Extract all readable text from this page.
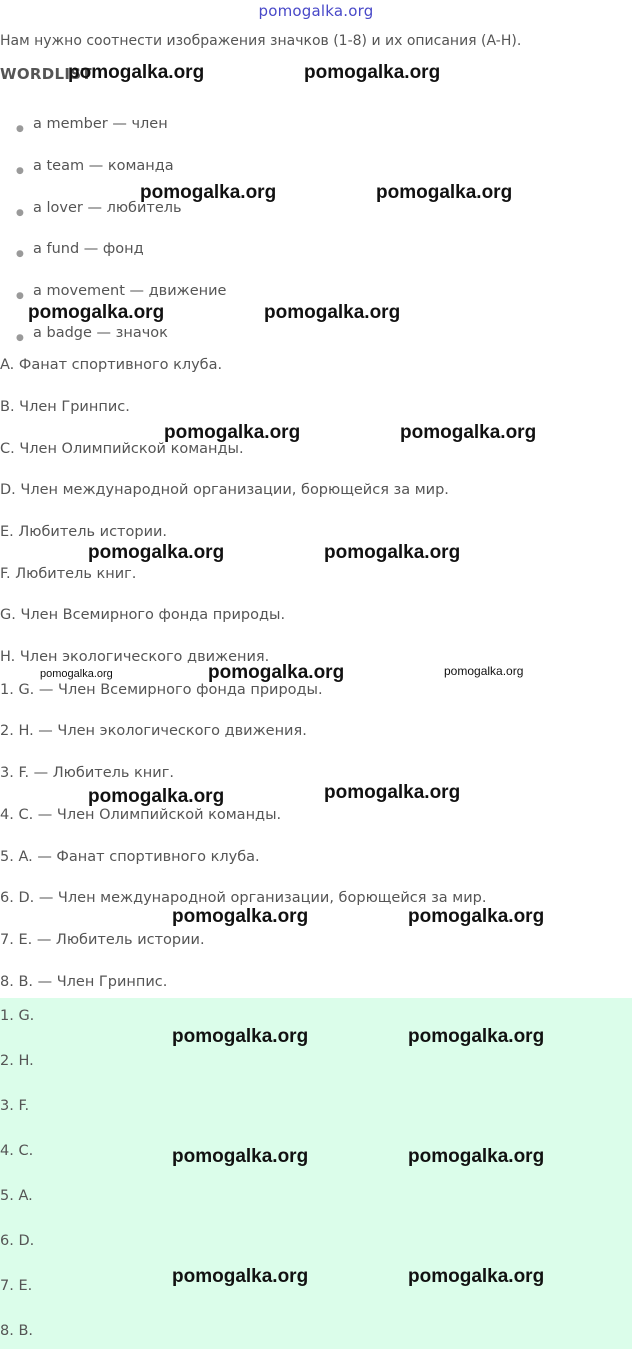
pomogalka.org
Нам нужно соотнести изображения значков (1-8) и их описания (A-H).
WORDLIST
● a member — член
● a team — команда
● a lover — любитель
● a fund — фонд
● a movement — движение
● a badge — значок
A. Фанат спортивного клуба.
B. Член Гринпис.
C. Член Олимпийской команды.
D. Член международной организации, борющейся за мир.
E. Любитель истории.
F. Любитель книг.
G. Член Всемирного фонда природы.
H. Член экологического движения.
1. G. — Член Всемирного фонда природы.
2. H. — Член экологического движения.
3. F. — Любитель книг.
4. C. — Член Олимпийской команды.
5. A. — Фанат спортивного клуба.
6. D. — Член международной организации, борющейся за мир.
7. E. — Любитель истории.
8. B. — Член Гринпис.
1. G.
2. H.
3. F.
4. C.
5. A.
6. D.
7. E.
8. B.
pomogalka.org	pomogalka.org
pomogalka.org	pomogalka.org
pomogalka.org	pomogalka.org
pomogalka.org	pomogalka.org
pomogalka.org	pomogalka.org
pomogalka.org	pomogalka.org	pomogalka.org
pomogalka.org	pomogalka.org
pomogalka.org	pomogalka.org
pomogalka.org	pomogalka.org
pomogalka.org	pomogalka.org
pomogalka.org	pomogalka.org
